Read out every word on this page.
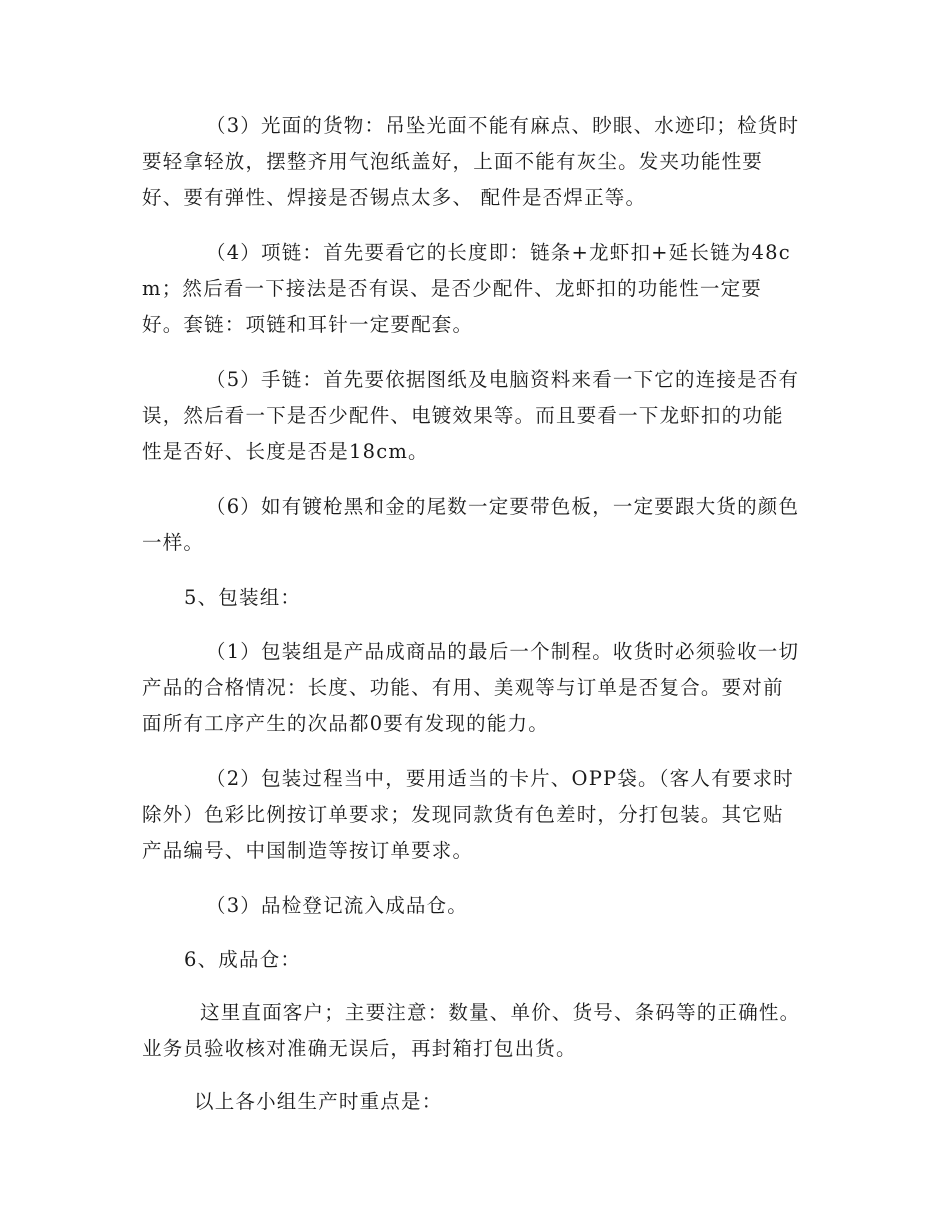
（3）光面的货物：吊坠光面不能有麻点、眇眼、水迹印；检货时要轻拿轻放，摆整齐用气泡纸盖好，上面不能有灰尘。发夹功能性要好、要有弹性、焊接是否锡点太多、 配件是否焊正等。

（4）项链：首先要看它的长度即：链条+龙虾扣+延长链为48cm；然后看一下接法是否有误、是否少配件、龙虾扣的功能性一定要好。套链：项链和耳针一定要配套。

（5）手链：首先要依据图纸及电脑资料来看一下它的连接是否有误，然后看一下是否少配件、电镀效果等。而且要看一下龙虾扣的功能性是否好、长度是否是18cm。

（6）如有镀枪黑和金的尾数一定要带色板，一定要跟大货的颜色一样。

5、包装组：

（1）包装组是产品成商品的最后一个制程。收货时必须验收一切产品的合格情况：长度、功能、有用、美观等与订单是否复合。要对前面所有工序产生的次品都0要有发现的能力。

（2）包装过程当中，要用适当的卡片、OPP袋。（客人有要求时除外）色彩比例按订单要求；发现同款货有色差时，分打包装。其它贴产品编号、中国制造等按订单要求。

（3）品检登记流入成品仓。

6、成品仓：

这里直面客户；主要注意：数量、单价、货号、条码等的正确性。业务员验收核对准确无误后，再封箱打包出货。

以上各小组生产时重点是：
